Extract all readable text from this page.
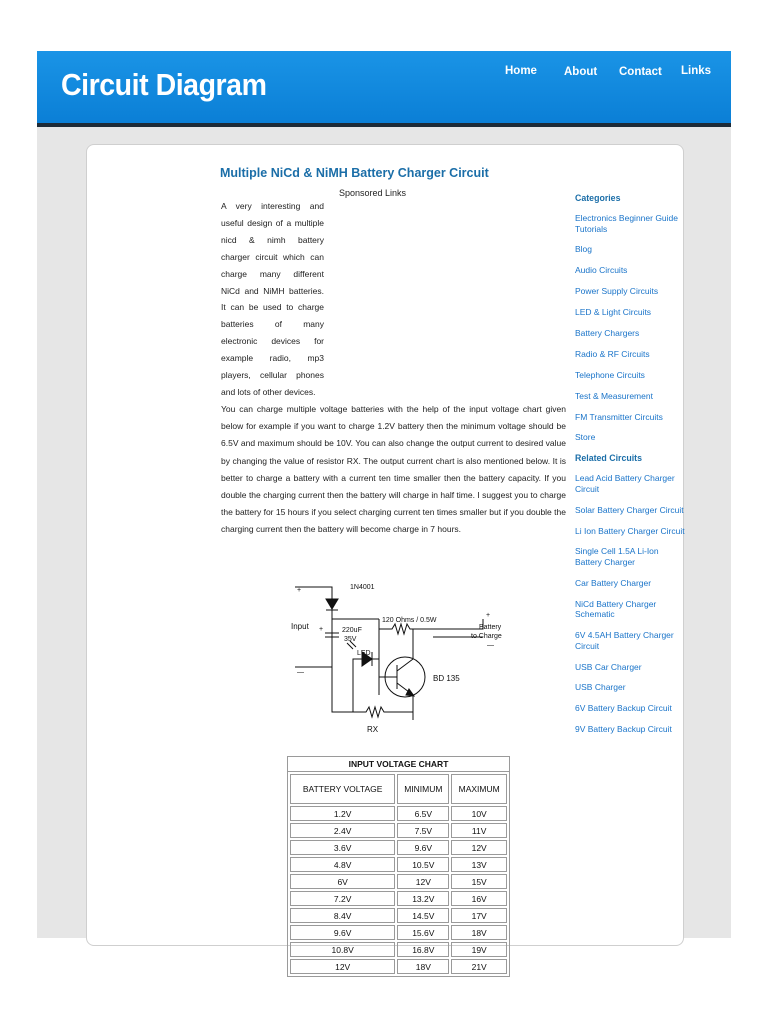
Circuit Diagram	Home About Contact Links
Multiple NiCd & NiMH Battery Charger Circuit
Sponsored Links
A very interesting and useful design of a multiple nicd & nimh battery charger circuit which can charge many different NiCd and NiMH batteries. It can be used to charge batteries of many electronic devices for example radio, mp3 players, cellular phones and lots of other devices.
You can charge multiple voltage batteries with the help of the input voltage chart given below for example if you want to charge 1.2V battery then the minimum voltage should be 6.5V and maximum should be 10V. You can also change the output current to desired value by changing the value of resistor RX. The output current chart is also mentioned below. It is better to charge a battery with a current ten time smaller then the battery capacity. If you double the charging current then the battery will charge in half time. I suggest you to charge the battery for 15 hours if you select charging current ten times smaller but if you double the charging current then the battery will become charge in 7 hours.
+
—
Input
1N4001
120 Ohms / 0.5W
+
Battery
to Charge
—
+	220uF
35V
LED
BD 135
RX
INPUT VOLTAGE CHART
BATTERY VOLTAGE	MINIMUM	MAXIMUM
1.2V	6.5V	10V
2.4V	7.5V	11V
3.6V	9.6V	12V
4.8V	10.5V	13V
6V	12V	15V
7.2V	13.2V	16V
8.4V	14.5V	17V
9.6V	15.6V	18V
10.8V	16.8V	19V
12V	18V	21V
Categories
Electronics Beginner Guide Tutorials
Blog
Audio Circuits
Power Supply Circuits
LED & Light Circuits
Battery Chargers
Radio & RF Circuits
Telephone Circuits
Test & Measurement
FM Transmitter Circuits
Store
Related Circuits
Lead Acid Battery Charger Circuit
Solar Battery Charger Circuit
Li Ion Battery Charger Circuit
Single Cell 1.5A Li-Ion Battery Charger
Car Battery Charger
NiCd Battery Charger Schematic
6V 4.5AH Battery Charger Circuit
USB Car Charger
USB Charger
6V Battery Backup Circuit
9V Battery Backup Circuit
